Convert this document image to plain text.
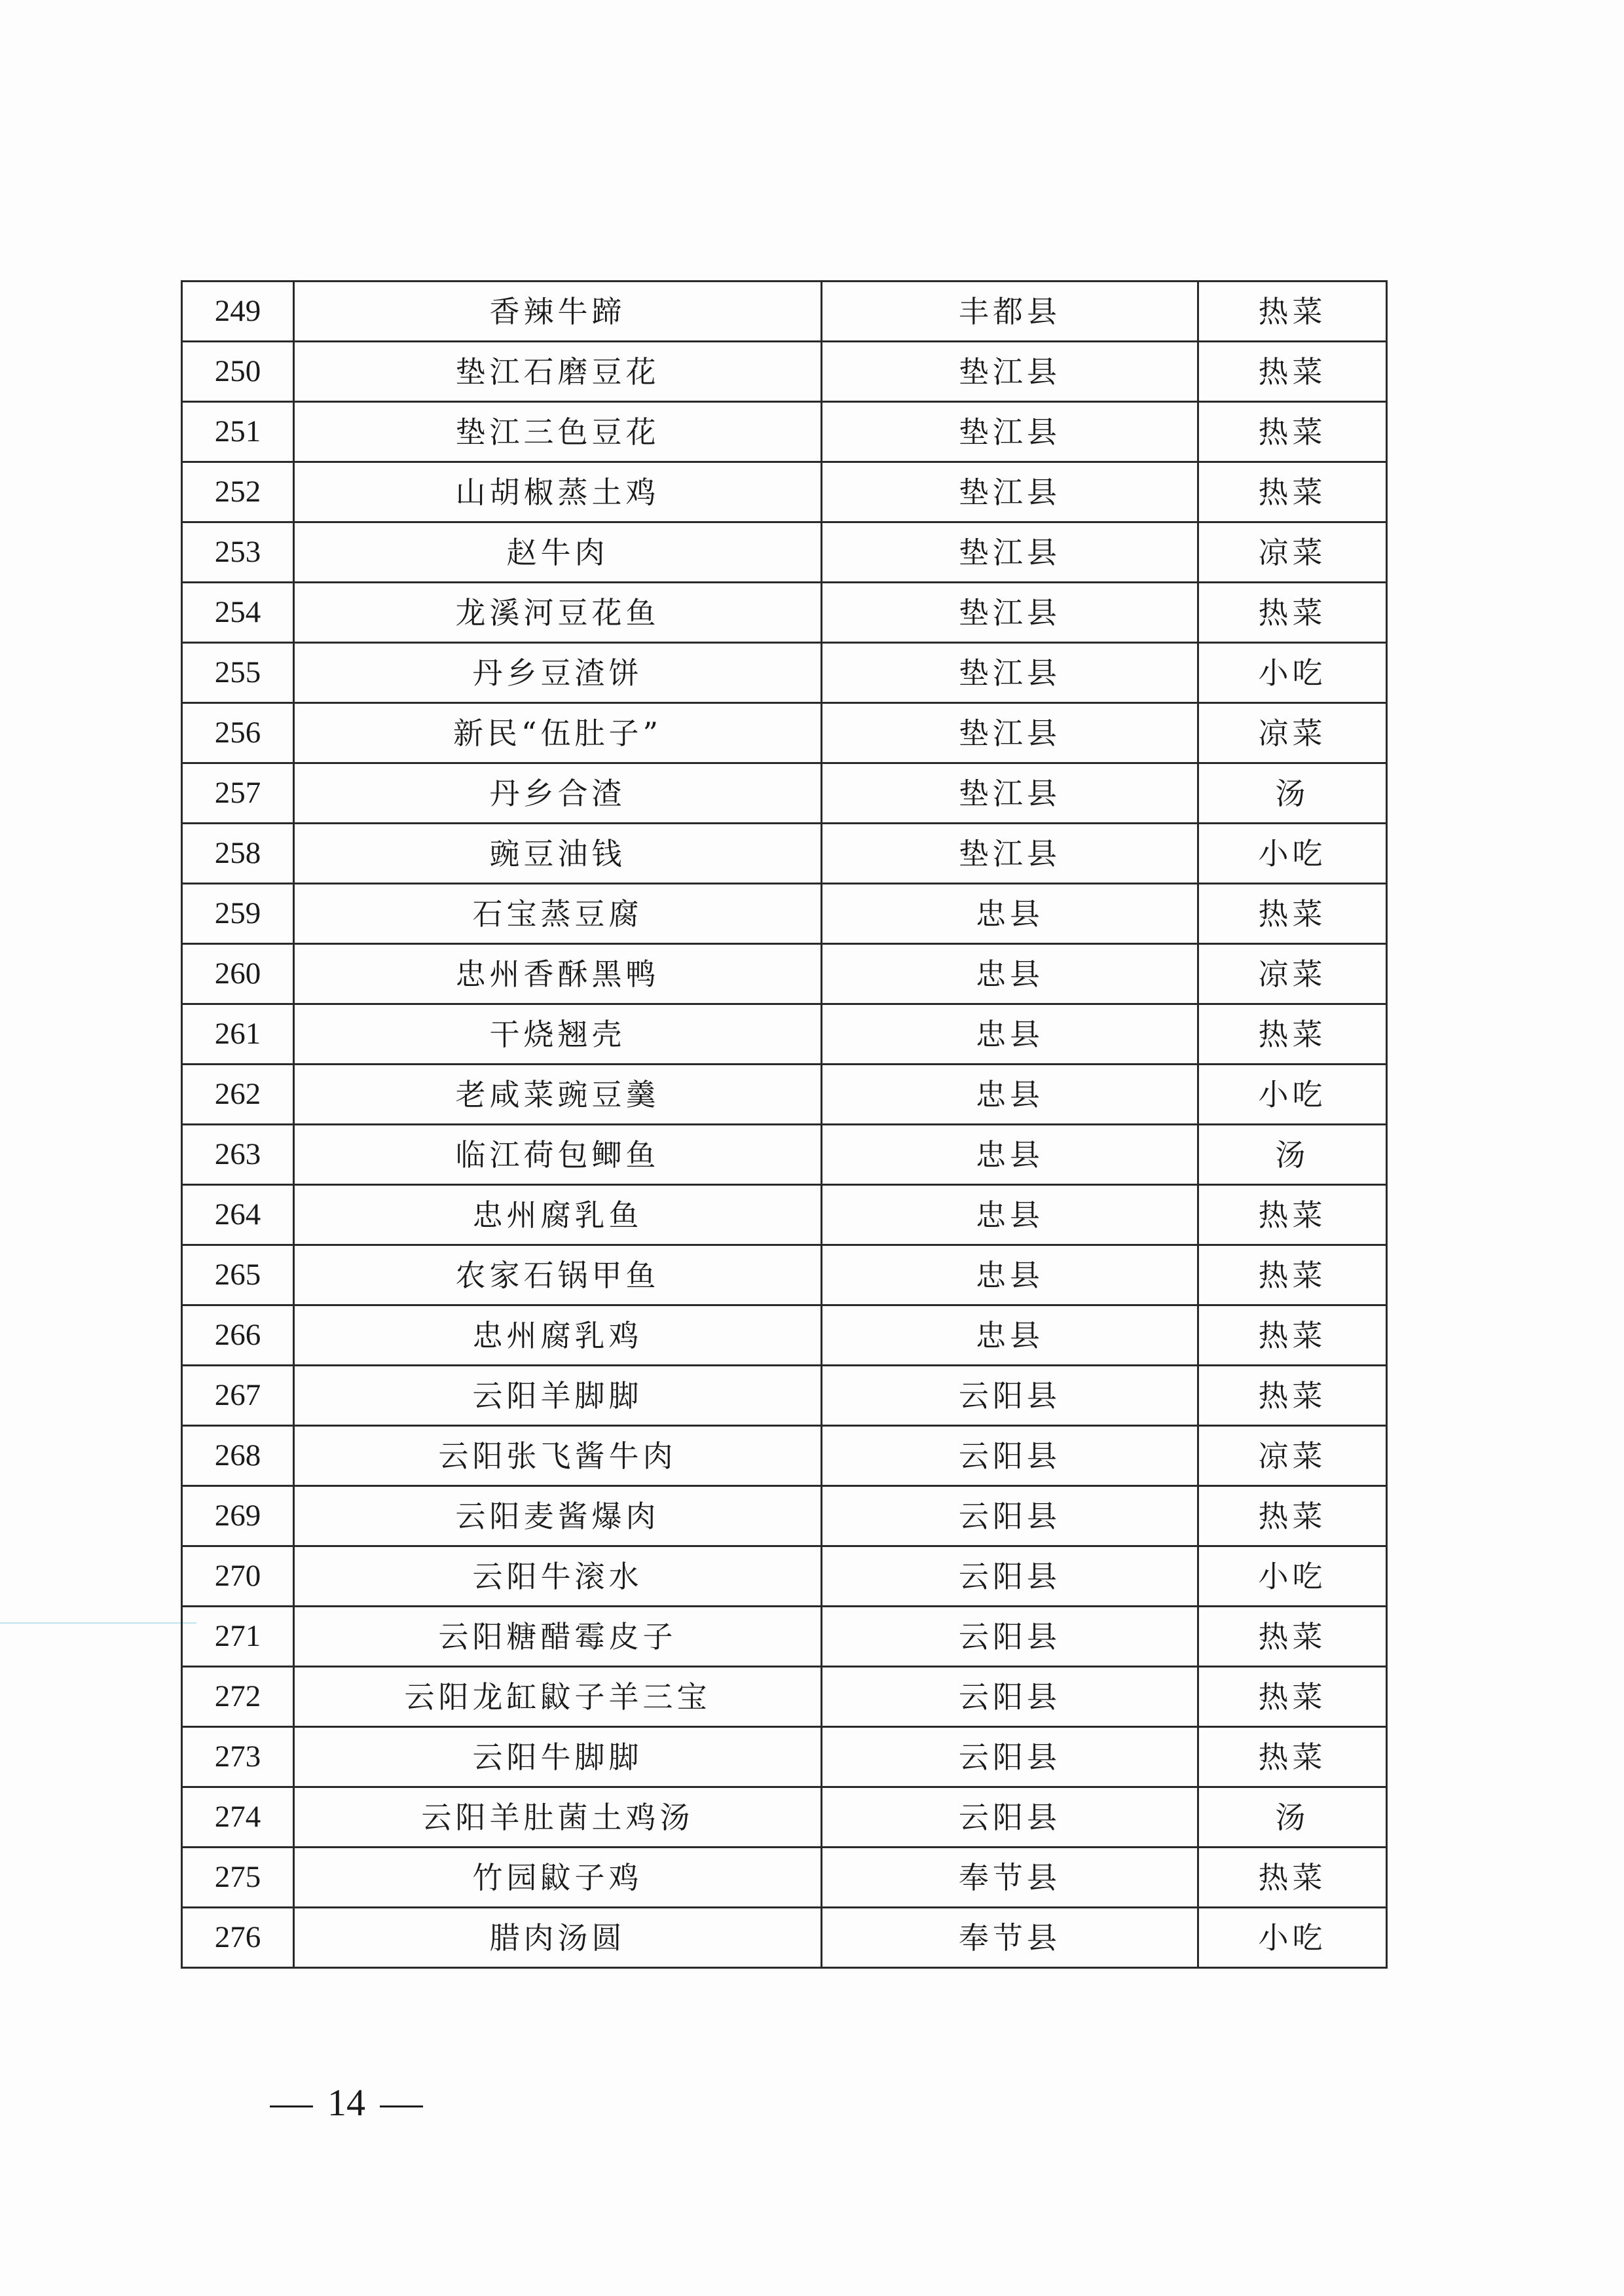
249	香辣牛蹄	丰都县	热菜
250	垫江石磨豆花	垫江县	热菜
251	垫江三色豆花	垫江县	热菜
252	山胡椒蒸土鸡	垫江县	热菜
253	赵牛肉	垫江县	凉菜
254	龙溪河豆花鱼	垫江县	热菜
255	丹乡豆渣饼	垫江县	小吃
256	新民“伍肚子”	垫江县	凉菜
257	丹乡合渣	垫江县	汤
258	豌豆油钱	垫江县	小吃
259	石宝蒸豆腐	忠县	热菜
260	忠州香酥黑鸭	忠县	凉菜
261	干烧翘壳	忠县	热菜
262	老咸菜豌豆羹	忠县	小吃
263	临江荷包鲫鱼	忠县	汤
264	忠州腐乳鱼	忠县	热菜
265	农家石锅甲鱼	忠县	热菜
266	忠州腐乳鸡	忠县	热菜
267	云阳羊脚脚	云阳县	热菜
268	云阳张飞酱牛肉	云阳县	凉菜
269	云阳麦酱爆肉	云阳县	热菜
270	云阳牛滚水	云阳县	小吃
271	云阳糖醋霉皮子	云阳县	热菜
272	云阳龙缸鼤子羊三宝	云阳县	热菜
273	云阳牛脚脚	云阳县	热菜
274	云阳羊肚菌土鸡汤	云阳县	汤
275	竹园鼤子鸡	奉节县	热菜
276	腊肉汤圆	奉节县	小吃
14
